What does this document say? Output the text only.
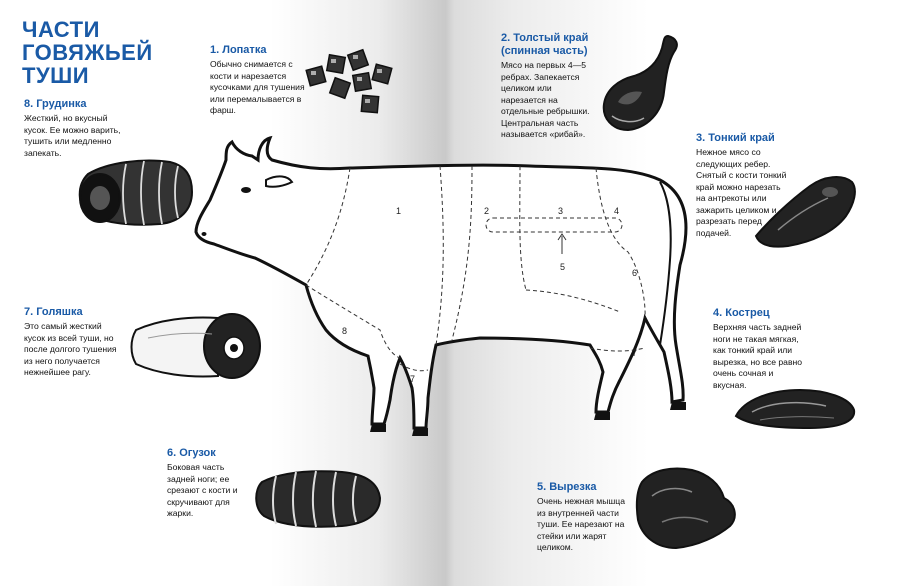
ЧАСТИ
ГОВЯЖЬЕЙ
ТУШИ
1. Лопатка

Обычно снимается с кости и нарезается кусочками для тушения или перемалывается в фарш.

2. Толстый край (спинная часть)

Мясо на первых 4—5 ребрах. Запекается целиком или нарезается на отдельные ребрышки. Центральная часть называется «рибай».	3. Тонкий край

Нежное мясо со следующих ребер. Снятый с кости тонкий край можно нарезать на антрекоты или зажарить целиком и разрезать перед подачей.

4. Кострец

Верхняя часть задней ноги не такая мягкая, как тонкий край или вырезка, но все равно очень сочная и вкусная.

5. Вырезка

Очень нежная мышца из внутренней части туши. Ее нарезают на стейки или жарят целиком.

6. Огузок

Боковая часть задней ноги; ее срезают с кости и скручивают для жарки.

7. Голяшка

Это самый жесткий кусок из всей туши, но после долгого тушения из него получается нежнейшее рагу.

8. Грудинка

Жесткий, но вкусный кусок. Ее можно варить, тушить или медленно запекать.

1	2	3	4
5
6
7
7
8
